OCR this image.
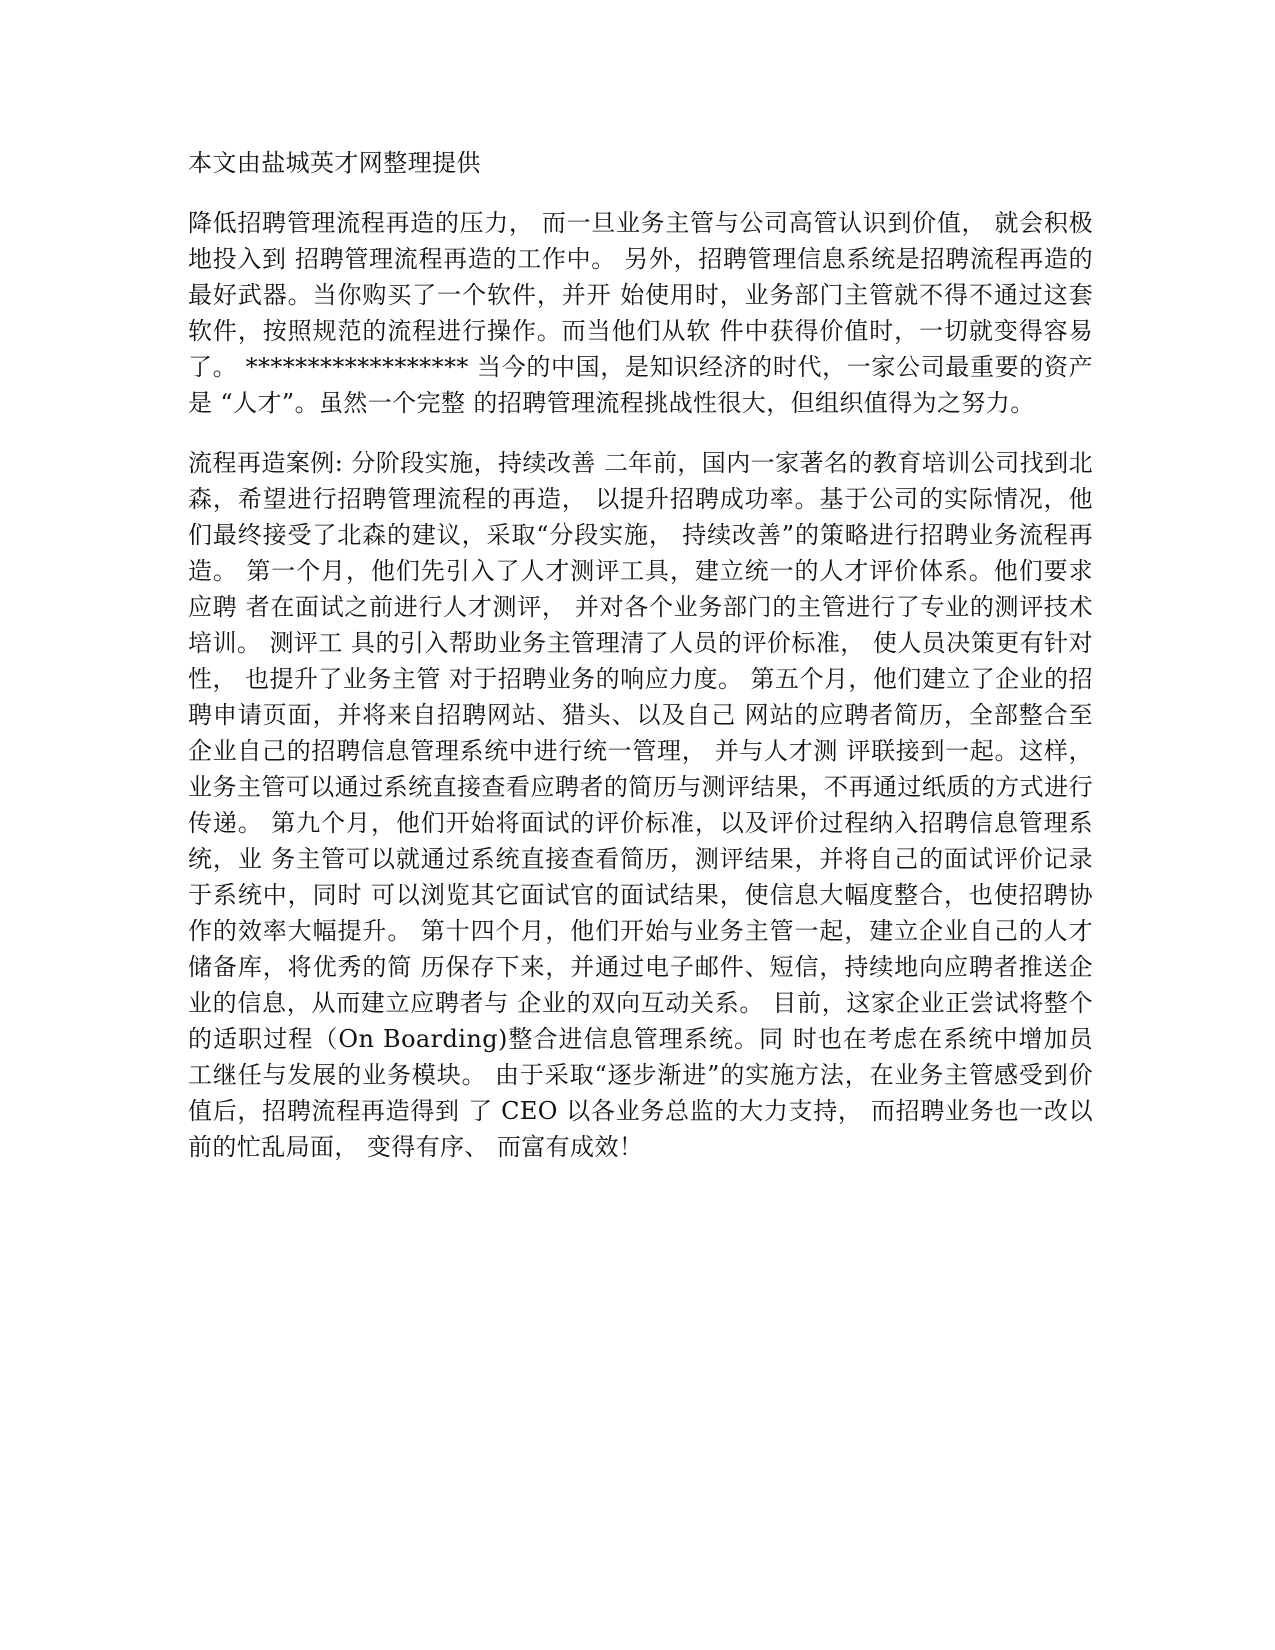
本文由盐城英才网整理提供
降低招聘管理流程再造的压力， 而一旦业务主管与公司高管认识到价值， 就会积极地投入到 招聘管理流程再造的工作中。 另外，招聘管理信息系统是招聘流程再造的最好武器。当你购买了一个软件，并开 始使用时，业务部门主管就不得不通过这套软件，按照规范的流程进行操作。而当他们从软 件中获得价值时，一切就变得容易了。 ****************** 当今的中国，是知识经济的时代，一家公司最重要的资产是 “人才”。虽然一个完整 的招聘管理流程挑战性很大，但组织值得为之努力。
流程再造案例: 分阶段实施，持续改善 二年前，国内一家著名的教育培训公司找到北森，希望进行招聘管理流程的再造， 以提升招聘成功率。基于公司的实际情况，他们最终接受了北森的建议，采取“分段实施， 持续改善”的策略进行招聘业务流程再造。 第一个月，他们先引入了人才测评工具，建立统一的人才评价体系。他们要求应聘 者在面试之前进行人才测评， 并对各个业务部门的主管进行了专业的测评技术培训。 测评工 具的引入帮助业务主管理清了人员的评价标准， 使人员决策更有针对性， 也提升了业务主管 对于招聘业务的响应力度。 第五个月，他们建立了企业的招聘申请页面，并将来自招聘网站、猎头、以及自己 网站的应聘者简历，全部整合至企业自己的招聘信息管理系统中进行统一管理， 并与人才测 评联接到一起。这样，业务主管可以通过系统直接查看应聘者的简历与测评结果，不再通过纸质的方式进行传递。 第九个月，他们开始将面试的评价标准，以及评价过程纳入招聘信息管理系统，业 务主管可以就通过系统直接查看简历，测评结果，并将自己的面试评价记录于系统中，同时 可以浏览其它面试官的面试结果，使信息大幅度整合，也使招聘协作的效率大幅提升。 第十四个月，他们开始与业务主管一起，建立企业自己的人才储备库，将优秀的简 历保存下来，并通过电子邮件、短信，持续地向应聘者推送企业的信息，从而建立应聘者与 企业的双向互动关系。 目前，这家企业正尝试将整个的适职过程（On Boarding)整合进信息管理系统。同 时也在考虑在系统中增加员工继任与发展的业务模块。 由于采取“逐步渐进”的实施方法，在业务主管感受到价值后，招聘流程再造得到 了 CEO 以各业务总监的大力支持， 而招聘业务也一改以前的忙乱局面， 变得有序、 而富有成效！
